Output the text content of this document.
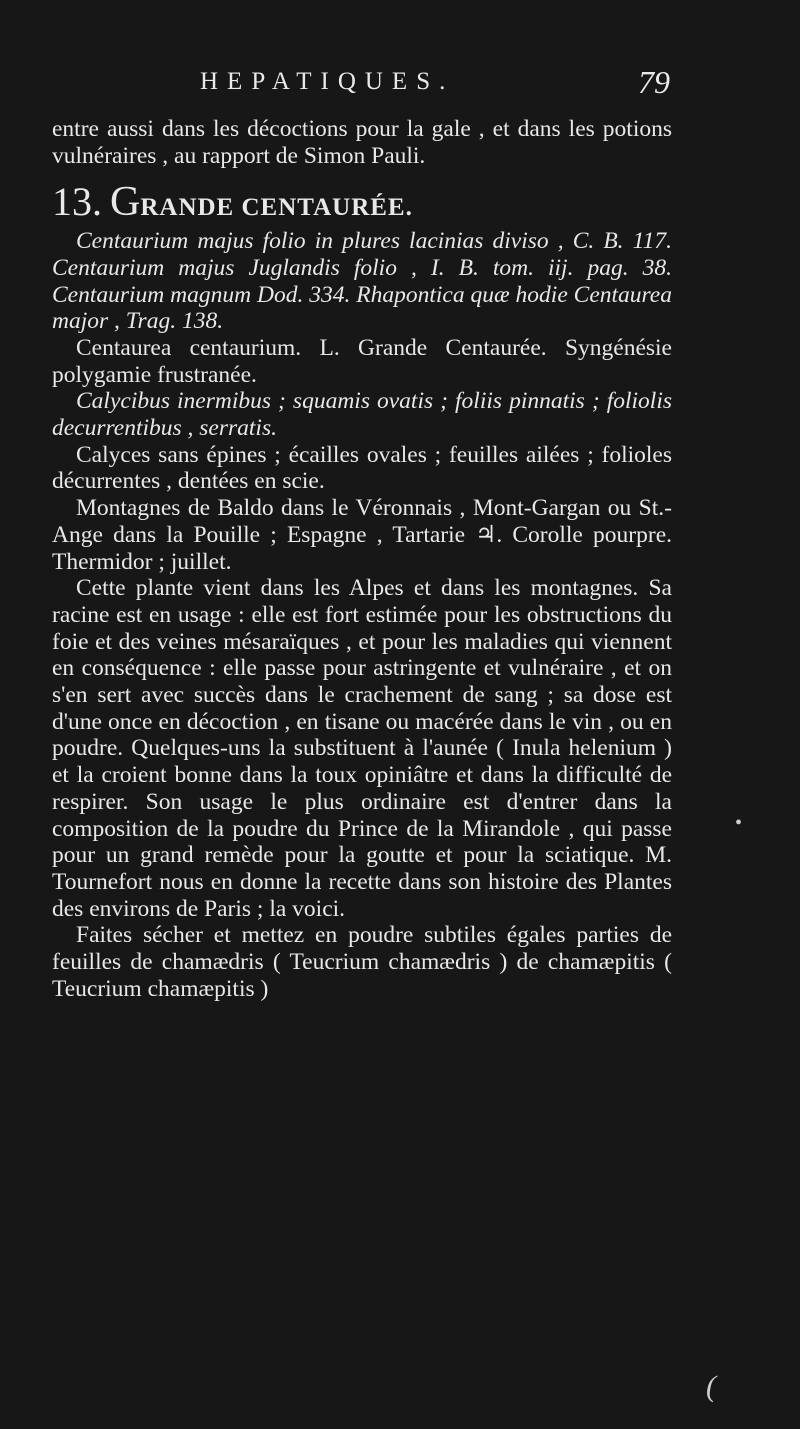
HEPATIQUES.	79

entre aussi dans les décoctions pour la gale , et dans les potions vulnéraires , au rapport de Simon Pauli.

13. GRANDE CENTAURÉE.

Centaurium majus folio in plures lacinias diviso , C. B. 117. Centaurium majus Juglandis folio , I. B. tom. iij. pag. 38. Centaurium magnum Dod. 334. Rhapontica quæ hodie Centaurea major , Trag. 138.

Centaurea centaurium. L. Grande Centaurée. Syngénésie polygamie frustranée.

Calycibus inermibus ; squamis ovatis ; foliis pinnatis ; foliolis decurrentibus , serratis.

Calyces sans épines ; écailles ovales ; feuilles ailées ; folioles décurrentes , dentées en scie.

Montagnes de Baldo dans le Véronnais , Mont-Gargan ou St.-Ange dans la Pouille ; Espagne , Tartarie ♃. Corolle pourpre. Thermidor ; juillet.

Cette plante vient dans les Alpes et dans les montagnes. Sa racine est en usage : elle est fort estimée pour les obstructions du foie et des veines mésaraïques , et pour les maladies qui viennent en conséquence : elle passe pour astringente et vulnéraire , et on s'en sert avec succès dans le crachement de sang ; sa dose est d'une once en décoction , en tisane ou macérée dans le vin , ou en poudre. Quelques-uns la substituent à l'aunée ( Inula helenium ) et la croient bonne dans la toux opiniâtre et dans la difficulté de respirer. Son usage le plus ordinaire est d'entrer dans la composition de la poudre du Prince de la Mirandole , qui passe pour un grand remède pour la goutte et pour la sciatique. M. Tournefort nous en donne la recette dans son histoire des Plantes des environs de Paris ; la voici.

Faites sécher et mettez en poudre subtiles égales parties de feuilles de chamædris ( Teucrium chamædris ) de chamæpitis ( Teucrium chamæpitis )

•
(
